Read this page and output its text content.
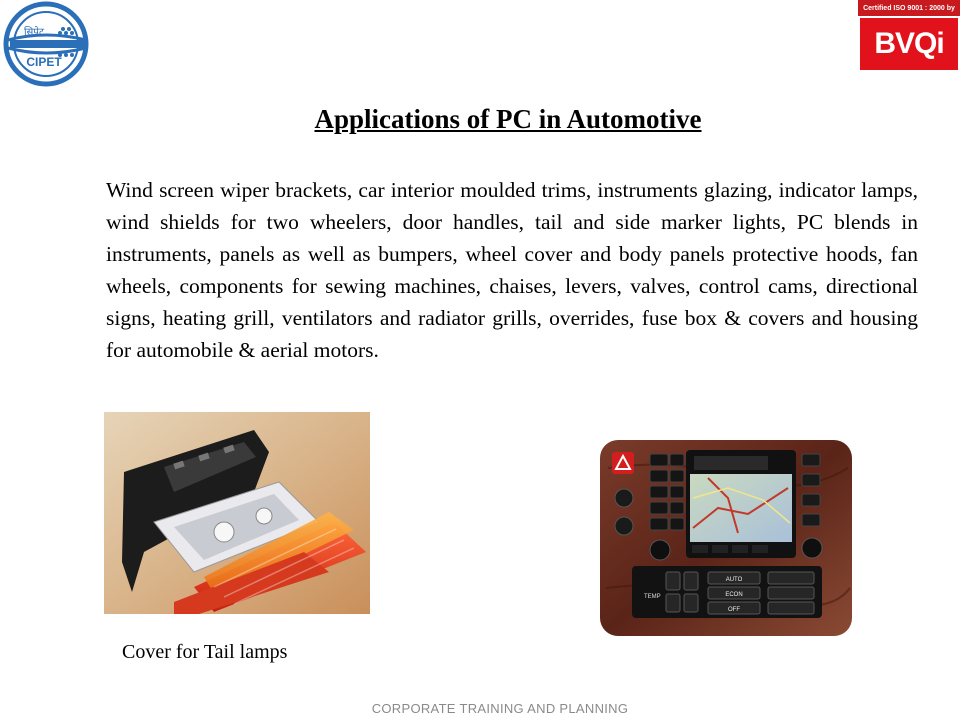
सिपेट
CIPET
Certified ISO 9001 : 2000 by
BVQi
Applications of PC in Automotive
Wind screen wiper brackets, car interior moulded trims, instruments glazing, indicator lamps, wind shields for two wheelers, door handles, tail and side marker lights, PC blends in instruments, panels as well as bumpers, wheel cover and body panels protective hoods, fan wheels, components for sewing machines, chaises, levers, valves, control cams, directional signs, heating grill, ventilators and radiator grills, overrides, fuse box & covers and housing for automobile & aerial motors.
TEMP
AUTO
ECON
OFF
Cover for Tail lamps
CORPORATE TRAINING AND PLANNING
